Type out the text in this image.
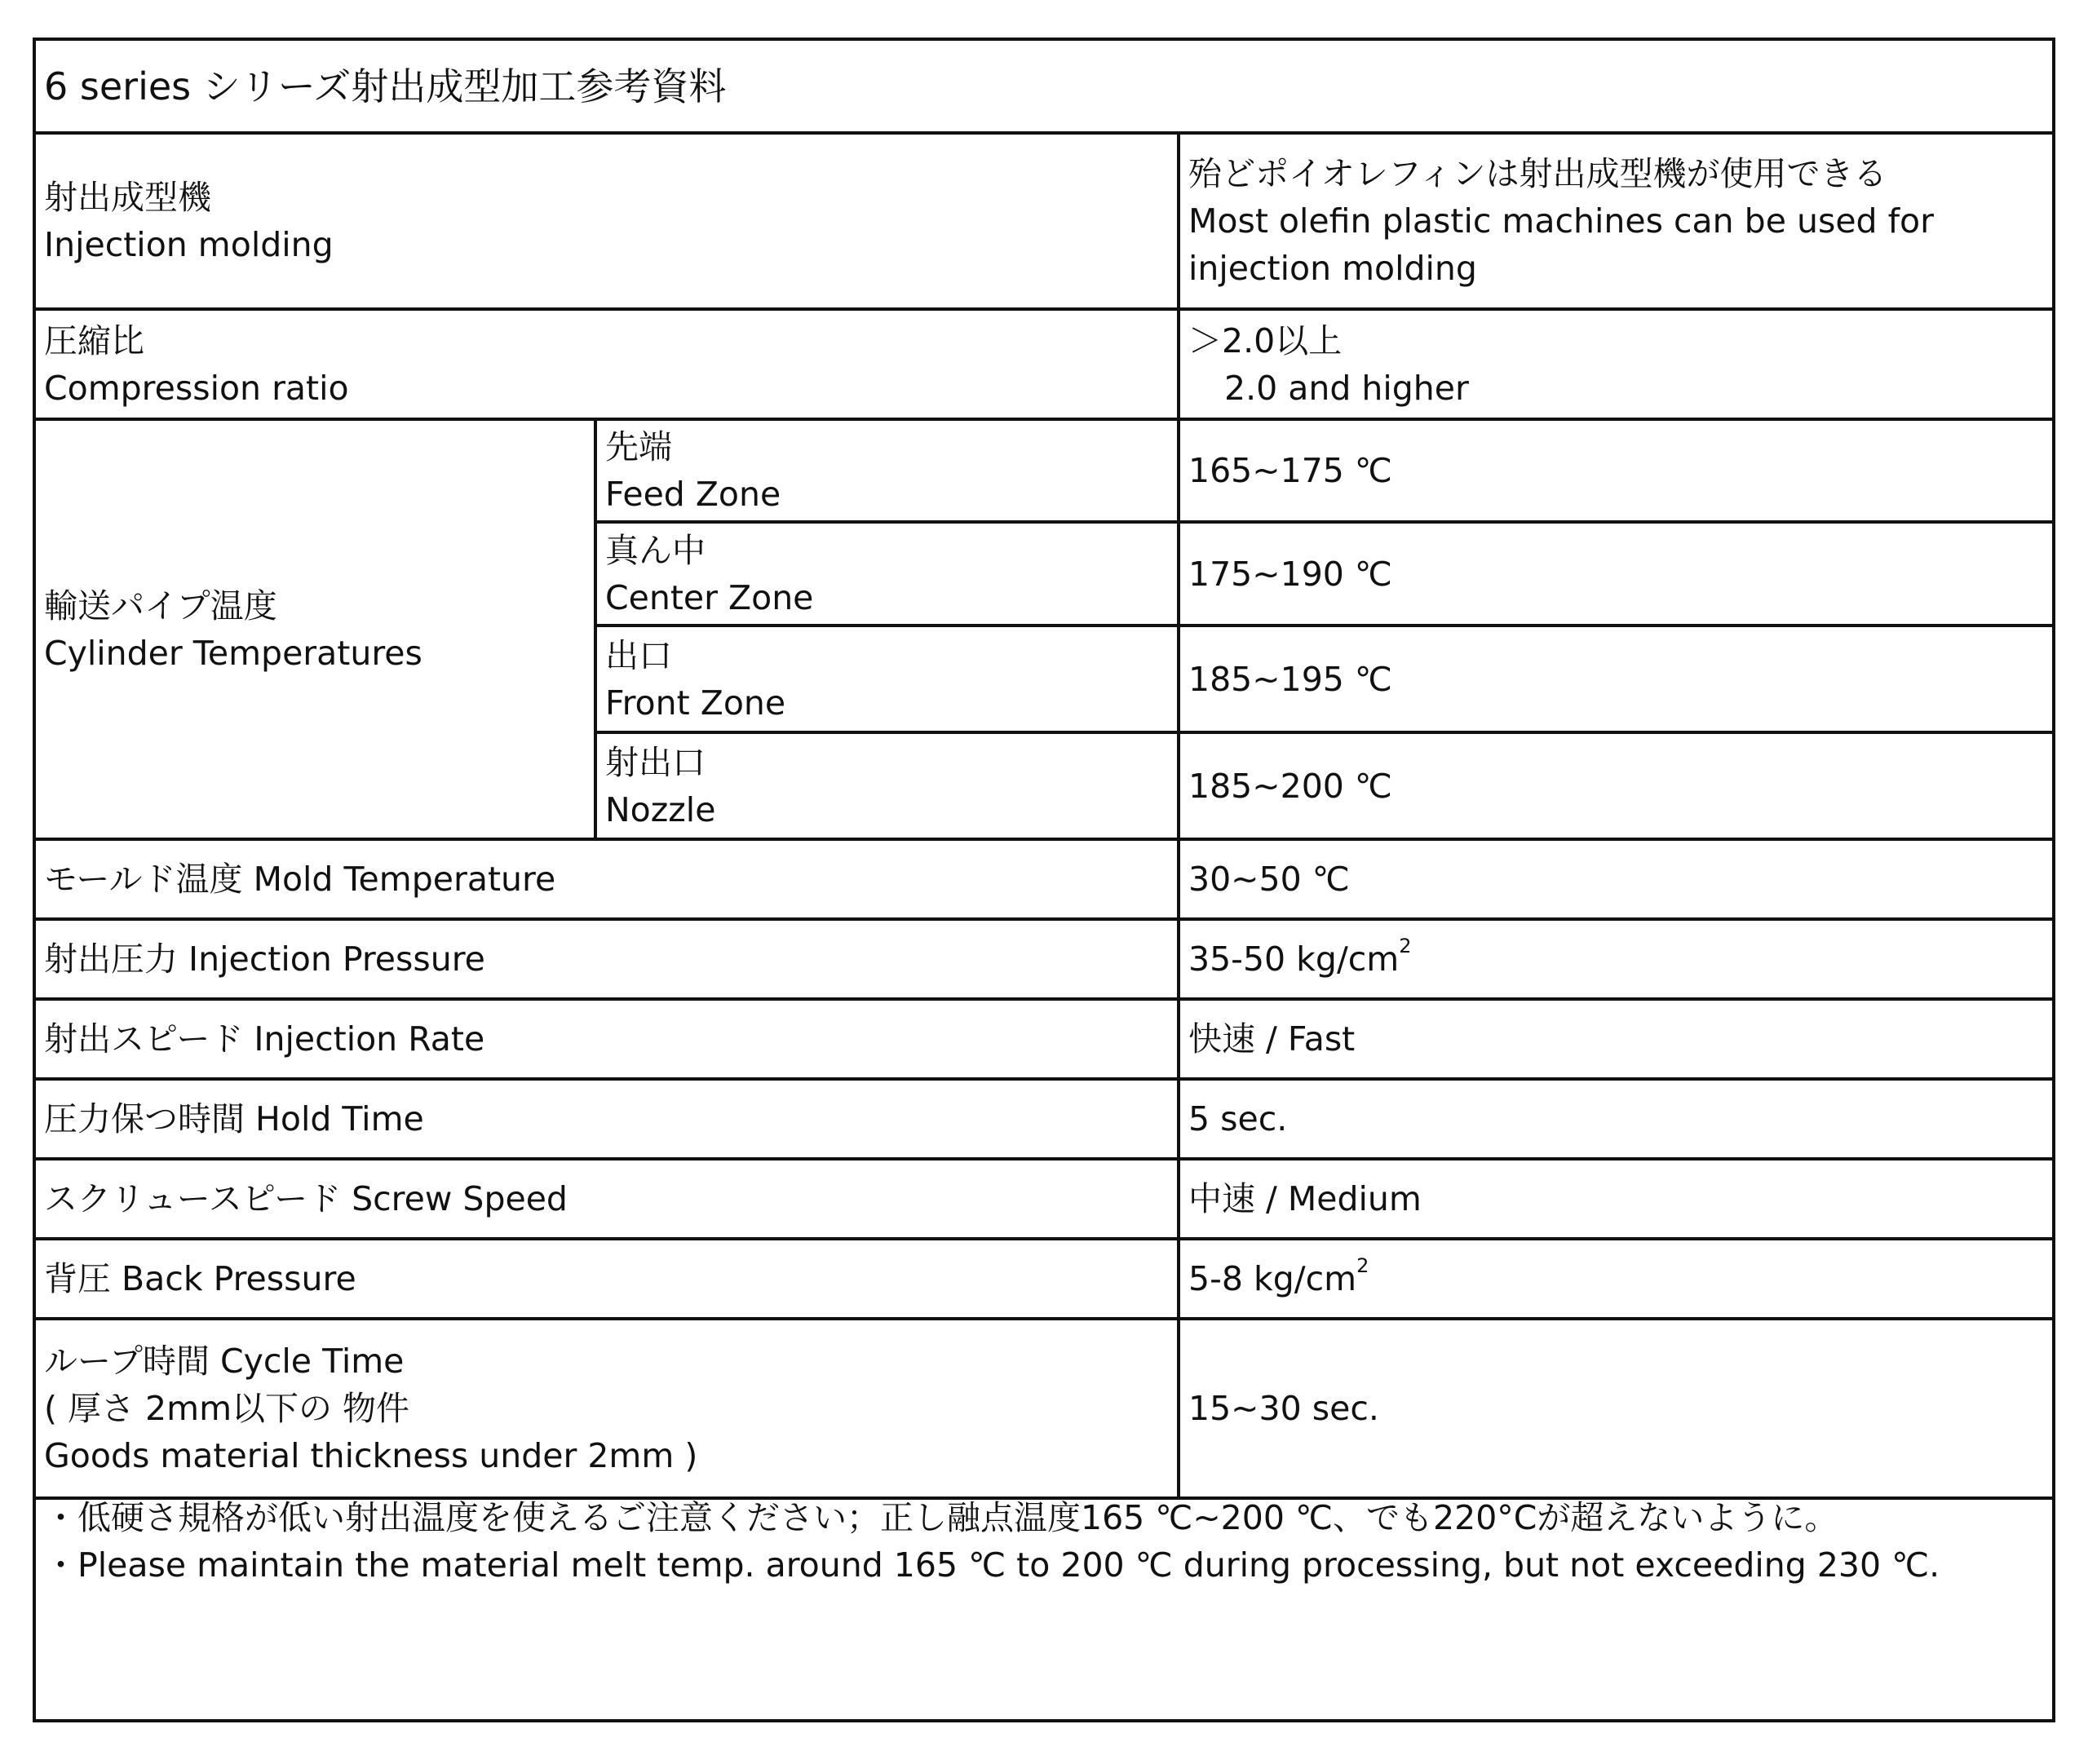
6 series シリーズ射出成型加工参考資料		

射出成型機
Injection molding		殆どポイオレフィンは射出成型機が使用できる
Most olefin plastic machines can be used for injection molding

圧縮比
Compression ratio		＞2.0以上
2.0 and higher

輸送パイプ温度
Cylinder Temperatures	先端
Feed Zone	165~175 ℃

	真ん中
Center Zone	175~190 ℃

	出口
Front Zone	185~195 ℃

	射出口
Nozzle	185~200 ℃

モールド温度 Mold Temperature		30~50 ℃

射出圧力 Injection Pressure		35-50 $kg/cm^2$

射出スピード Injection Rate		快速 / Fast

圧力保つ時間 Hold Time		5 sec.

スクリュースピード Screw Speed		中速 / Medium

背圧 Back Pressure		5-8 $kg/cm^2$

ループ時間 Cycle Time
( 厚さ 2mm以下の 物件
Goods material thickness under 2mm )		15~30 sec.
・低硬さ規格が低い射出温度を使えるご注意ください；正し融点温度165 ℃~200 ℃、でも220°Cが超えないように。
・Please maintain the material melt temp. around 165 ℃ to 200 ℃ during processing, but not exceeding 230 ℃.
